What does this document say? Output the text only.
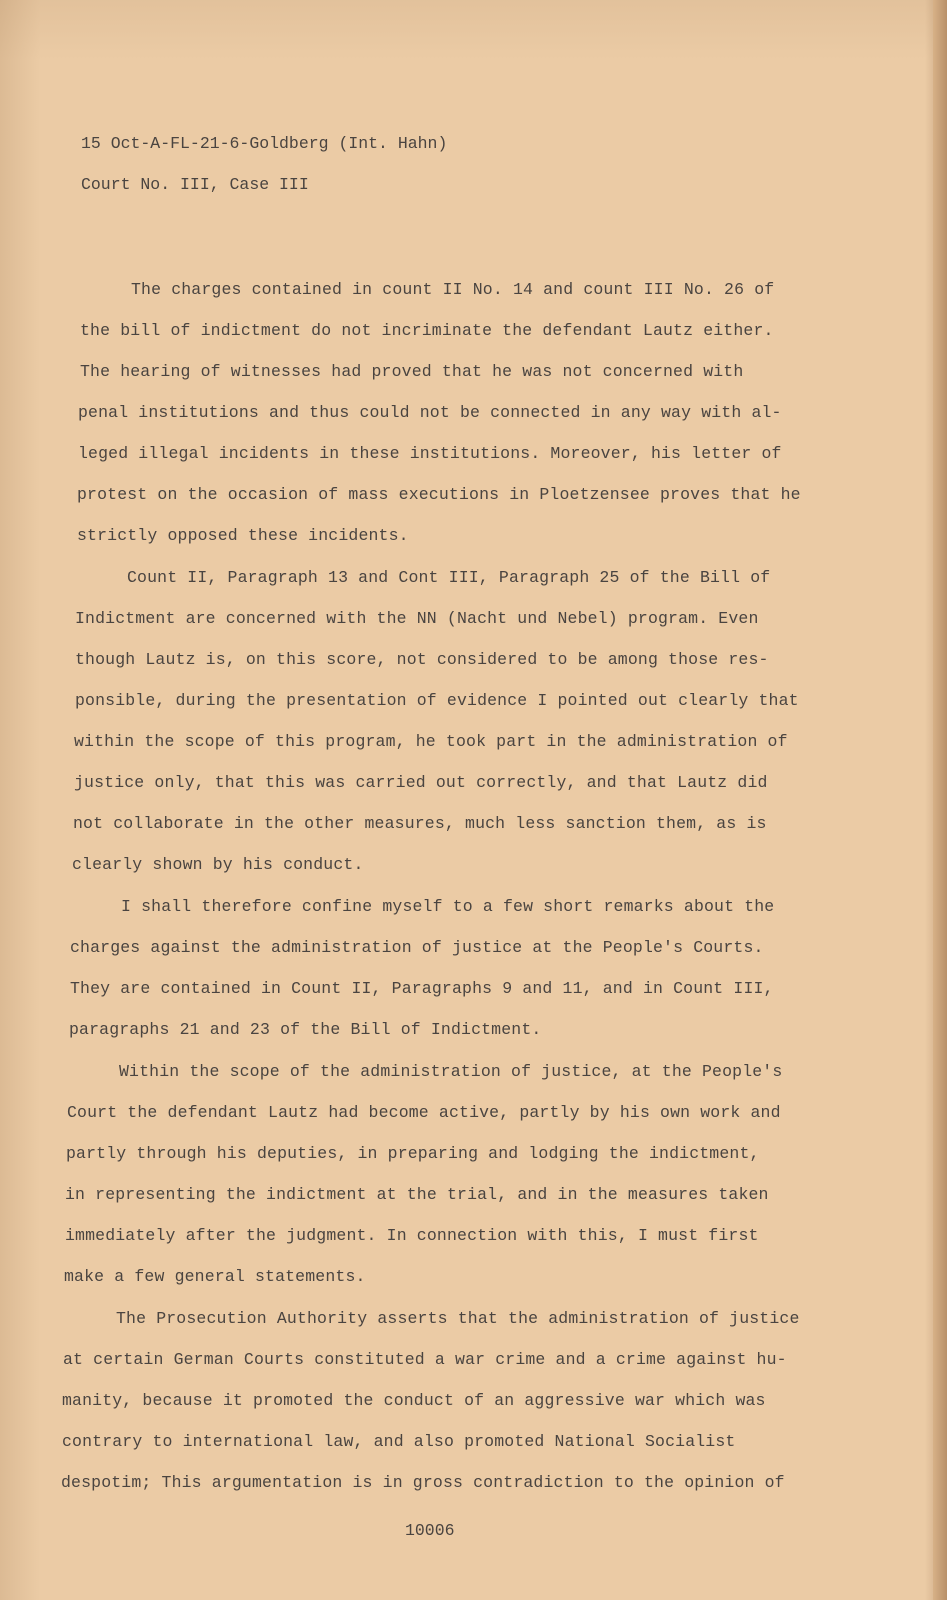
15 Oct-A-FL-21-6-Goldberg (Int. Hahn)
Court No. III, Case III
The charges contained in count II No. 14 and count III No. 26 of
the bill of indictment do not incriminate the defendant Lautz either.
The hearing of witnesses had proved that he was not concerned with
penal institutions and thus could not be connected in any way with al-
leged illegal incidents in these institutions. Moreover, his letter of
protest on the occasion of mass executions in Ploetzensee proves that he
strictly opposed these incidents.
Count II, Paragraph 13 and Cont III, Paragraph 25 of the Bill of
Indictment are concerned with the NN (Nacht und Nebel) program. Even
though Lautz is, on this score, not considered to be among those res-
ponsible, during the presentation of evidence I pointed out clearly that
within the scope of this program, he took part in the administration of
justice only, that this was carried out correctly, and that Lautz did
not collaborate in the other measures, much less sanction them, as is
clearly shown by his conduct.
I shall therefore confine myself to a few short remarks about the
charges against the administration of justice at the People's Courts.
They are contained in Count II, Paragraphs 9 and 11, and in Count III,
paragraphs 21 and 23 of the Bill of Indictment.
Within the scope of the administration of justice, at the People's
Court the defendant Lautz had become active, partly by his own work and
partly through his deputies, in preparing and lodging the indictment,
in representing the indictment at the trial, and in the measures taken
immediately after the judgment. In connection with this, I must first
make a few general statements.
The Prosecution Authority asserts that the administration of justice
at certain German Courts constituted a war crime and a crime against hu-
manity, because it promoted the conduct of an aggressive war which was
contrary to international law, and also promoted National Socialist
despotim; This argumentation is in gross contradiction to the opinion of
10006
